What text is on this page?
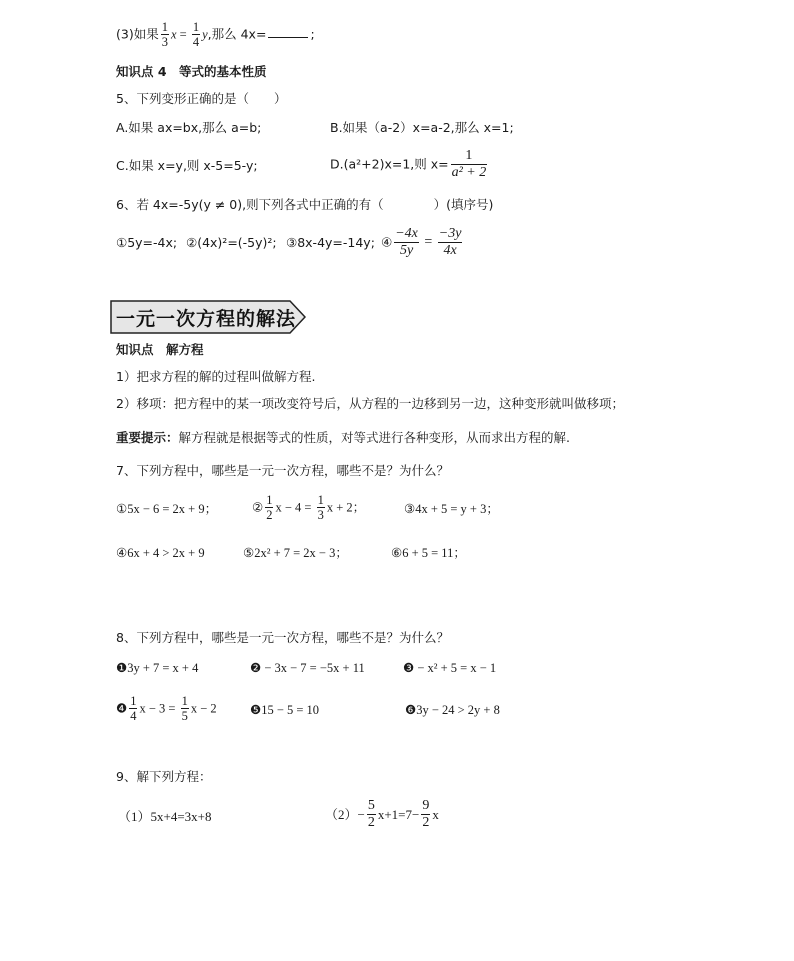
(3)如果 $\frac{1}{3}$ $x = \frac{1}{4} y$,那么 4x=	;
知识点 4　等式的基本性质
5、下列变形正确的是（　　）
A.如果 ax=bx,那么 a=b;	B.如果（a-2）x=a-2,那么 x=1;
C.如果 x=y,则 x-5=5-y;	D.(a²+2)x=1,则 $x= \frac{1}{\text{a² + 2}}$
6、若 4x=-5y(y ≠ 0),则下列各式中正确的有（　　　　）(填序号)
①5y=-4x; ②(4x)²=(-5y)²; ③8x-4y=-14y; ④ $\frac{-4x}{5y} = \frac{-3y}{4x}$
一元一次方程的解法
知识点　解方程
1）把求方程的解的过程叫做解方程.
2）移项：把方程中的某一项改变符号后，从方程的一边移到另一边，这种变形就叫做移项；
重要提示：解方程就是根据等式的性质，对等式进行各种变形，从而求出方程的解.
7、下列方程中，哪些是一元一次方程，哪些不是？为什么？
①5x − 6 = 2x + 9；	② $\frac{1}{2}$ $x - 4 = \frac{1}{3}$ x + 2；	③4x + 5 = y + 3；
④6x + 4 > 2x + 9	⑤2x² + 7 = 2x − 3；	⑥6 + 5 = 11；
8、下列方程中，哪些是一元一次方程，哪些不是？为什么？
❶3y + 7 = x + 4	❷ − 3x − 7 = −5x + 11	❸ − x² + 5 = x − 1
❹ $\frac{1}{4}$ $x - 3 = \frac{1}{5}$ x − 2	❺15 − 5 = 10	❻3y − 24 > 2y + 8
9、解下列方程：
（1）5x+4=3x+8	$(2)- \frac{5}{2} x+1=7- \frac{9}{2}$ x
